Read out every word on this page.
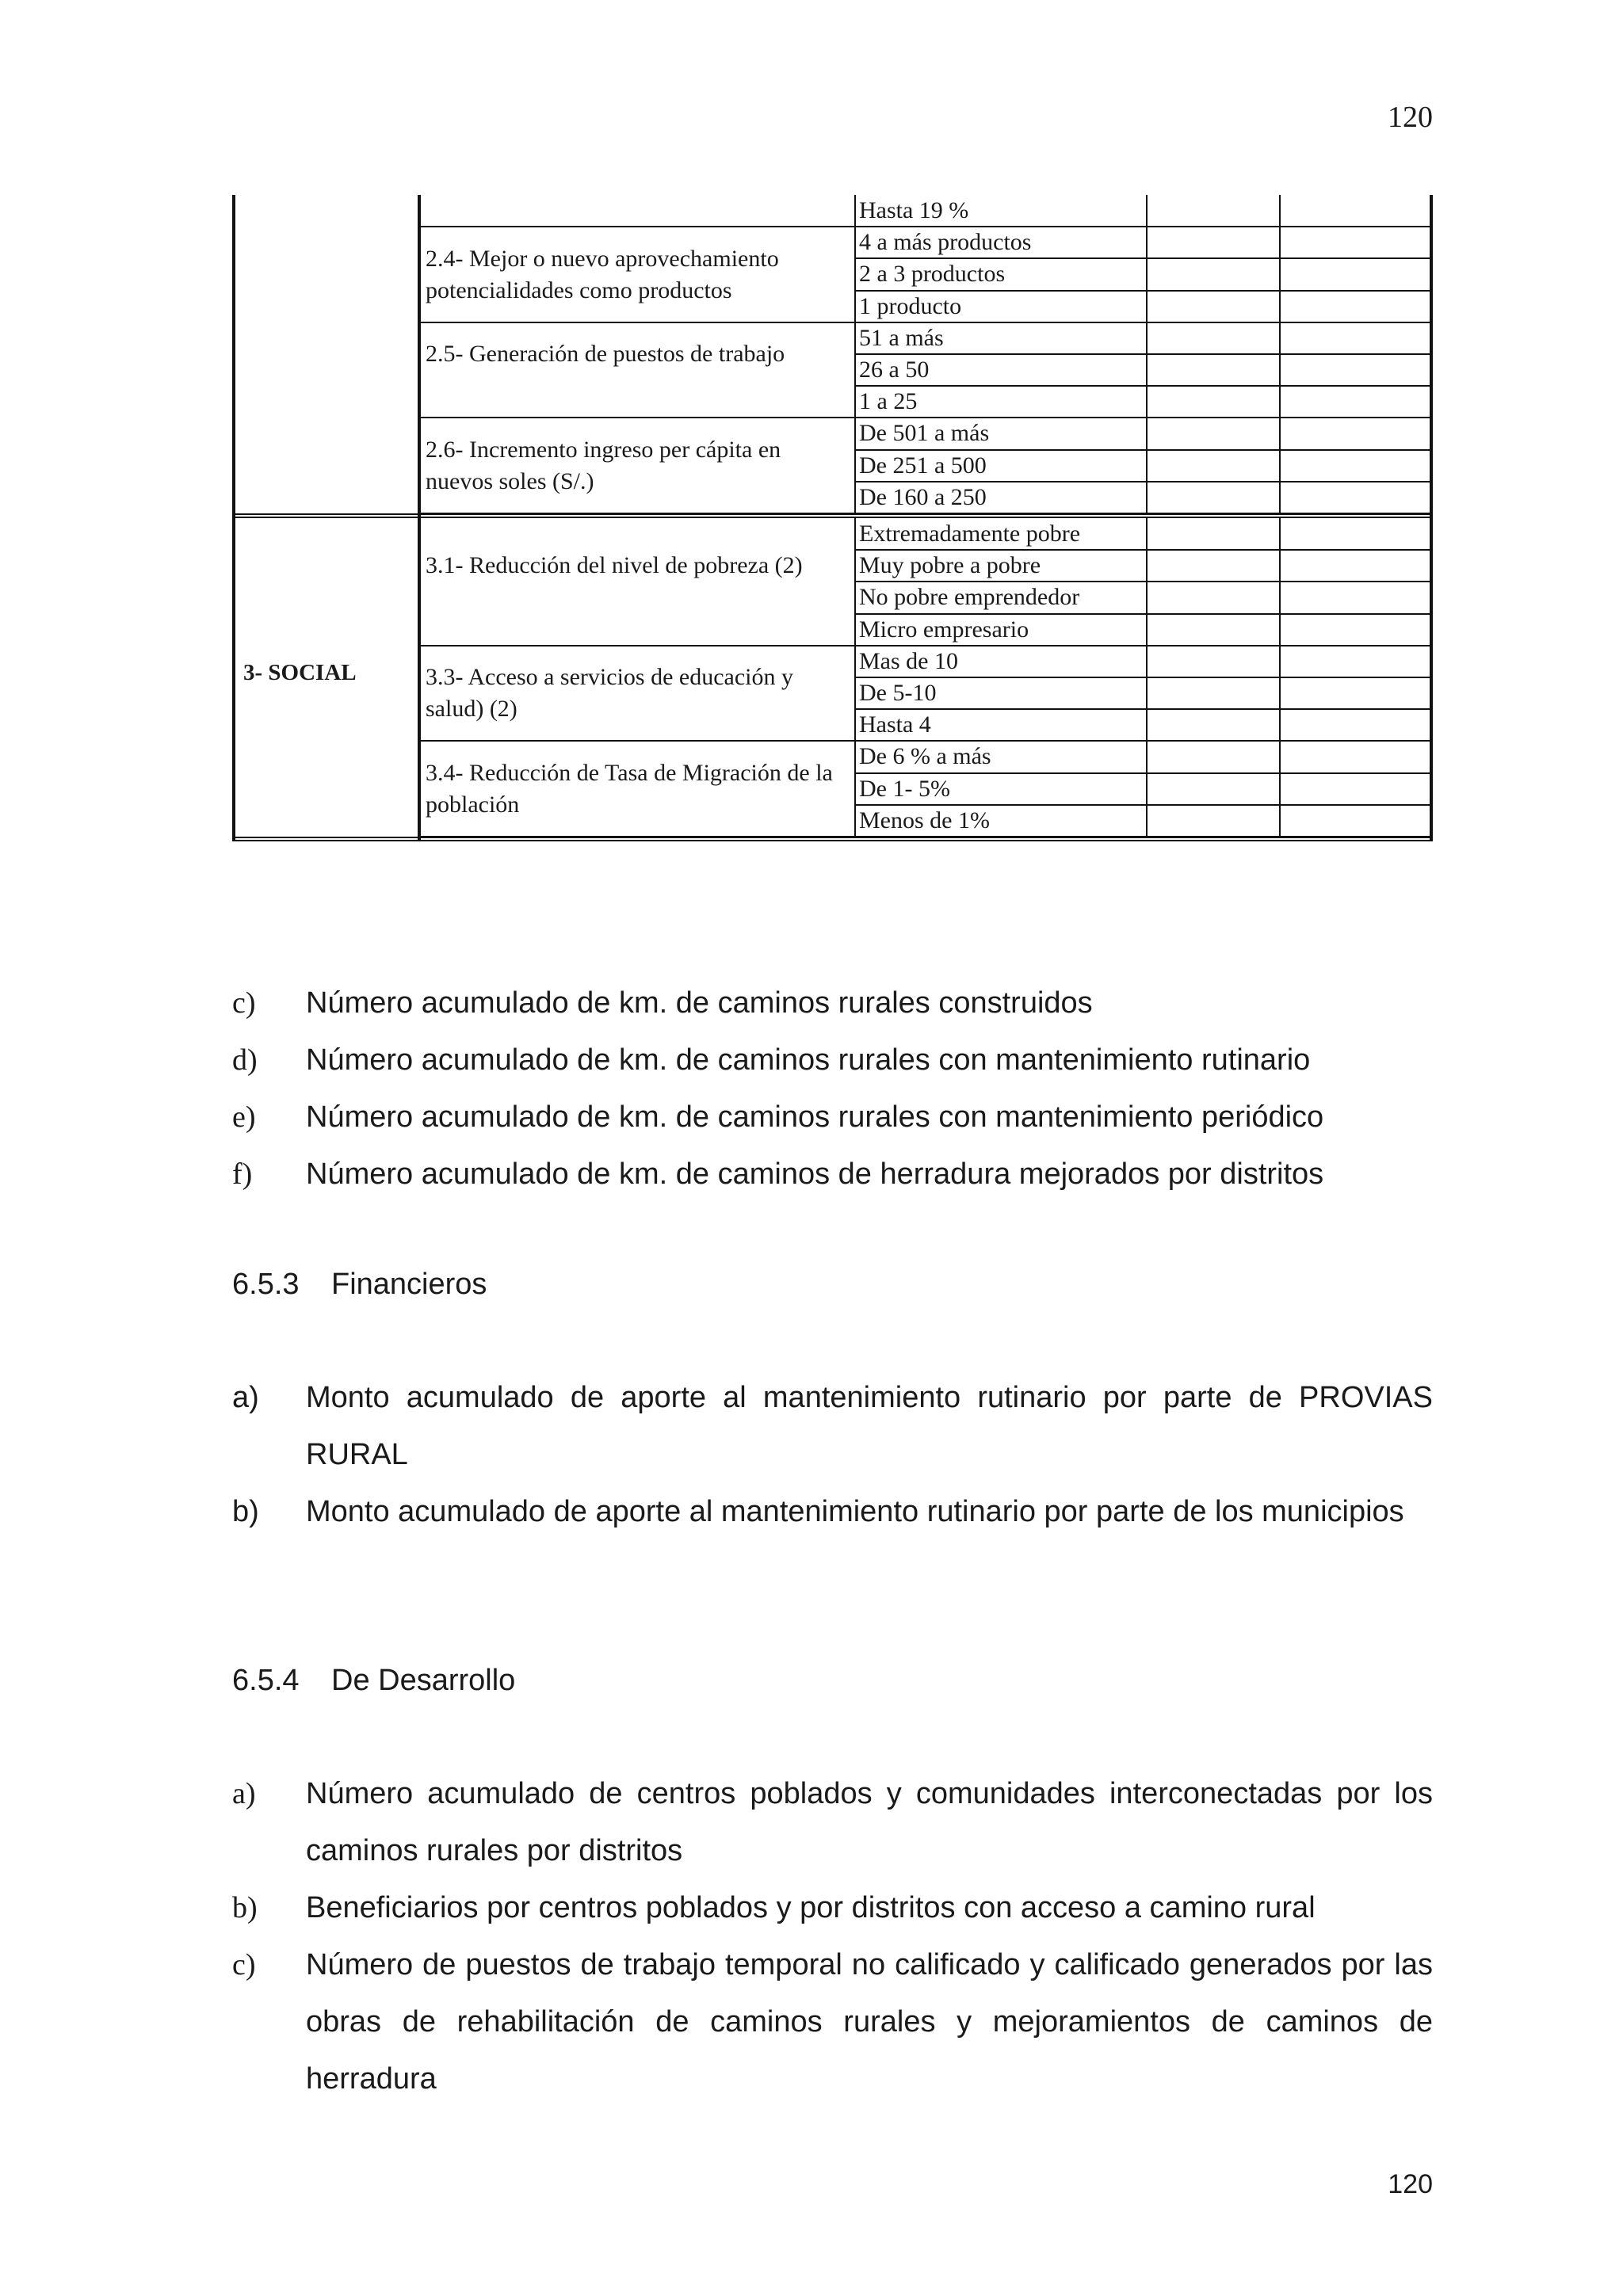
120
Hasta 19 %
4 a más productos
2 a 3 productos
1 producto
2.4- Mejor o nuevo aprovechamiento potencialidades como productos
51 a más
26 a 50
1 a 25
2.5- Generación de puestos de trabajo
De 501 a más
De 251 a 500
De 160 a 250
2.6- Incremento ingreso per cápita en nuevos soles (S/.)
Extremadamente pobre
Muy pobre a pobre
No pobre emprendedor
Micro empresario
3.1- Reducción del nivel de pobreza (2)
Mas de 10
De 5-10
Hasta 4
3.3- Acceso a servicios de educación y salud) (2)
De 6 % a más
De 1- 5%
Menos de 1%
3.4- Reducción de Tasa de Migración de la población
3- SOCIAL
c) Número acumulado de km. de caminos rurales construidos
d) Número acumulado de km. de caminos rurales con mantenimiento rutinario
e) Número acumulado de km. de caminos rurales con mantenimiento periódico
f) Número acumulado de km. de caminos de herradura mejorados por distritos
6.5.3 Financieros
a) Monto acumulado de aporte al mantenimiento rutinario por parte de PROVIAS RURAL
b) Monto acumulado de aporte al mantenimiento rutinario por parte de los municipios
6.5.4 De Desarrollo
a) Número acumulado de centros poblados y comunidades interconectadas por los caminos rurales por distritos
b) Beneficiarios por centros poblados y por distritos con acceso a camino rural
c) Número de puestos de trabajo temporal no calificado y calificado generados por las obras de rehabilitación de caminos rurales y mejoramientos de caminos de herradura
120
